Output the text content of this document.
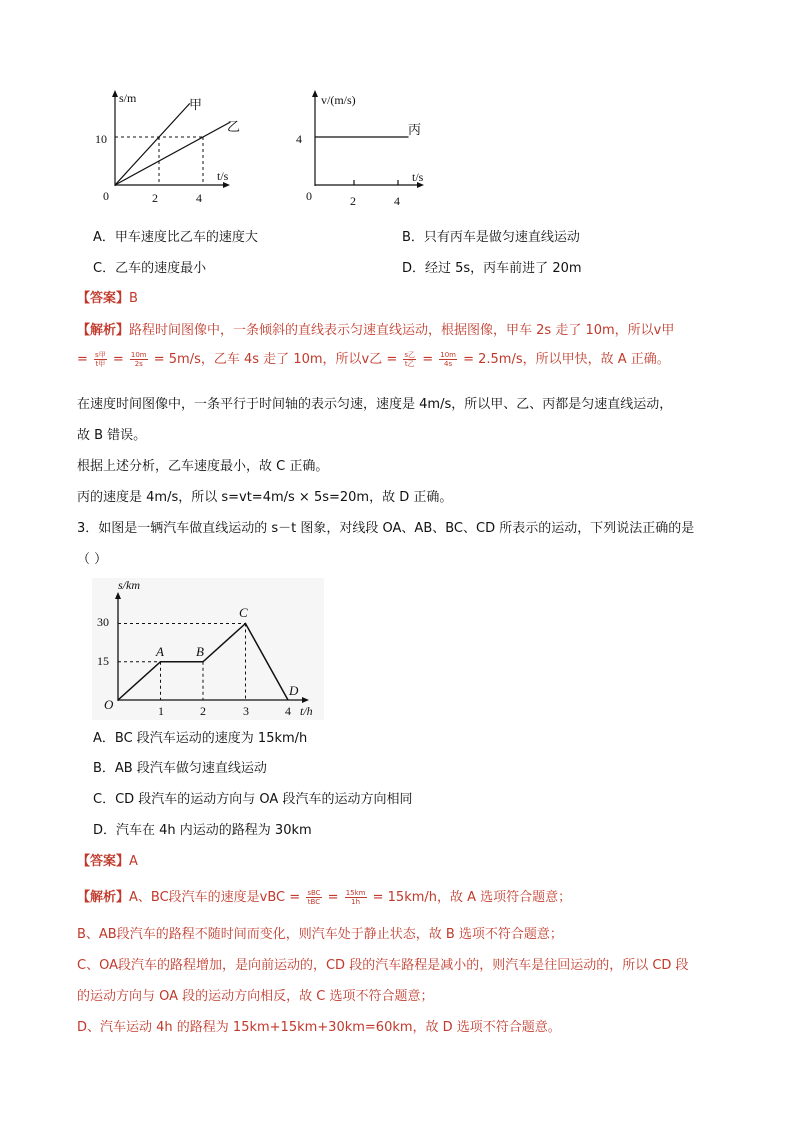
s/m
t/s
0
10
2	4
甲
乙
v/(m/s)
t/s
0
4
2	4
丙
A．甲车速度比乙车的速度大	B．只有丙车是做匀速直线运动
C．乙车的速度最小	D．经过 5s，丙车前进了 20m
【答案】B
【解析】路程时间图像中，一条倾斜的直线表示匀速直线运动，根据图像，甲车 2s 走了 10m，所以v甲
= s甲
t甲 = $\frac{10m}{2s} = 5m/s$，乙车 4s 走了 10m，所以v乙 = s乙
t乙 = $\frac{10m}{4s} = 2.5m/s$，所以甲快，故 A 正确。
在速度时间图像中，一条平行于时间轴的表示匀速，速度是 4m/s，所以甲、乙、丙都是匀速直线运动，
故 B 错误。
根据上述分析，乙车速度最小，故 C 正确。
丙的速度是 4m/s，所以 s=vt=4m/s × 5s=20m，故 D 正确。
3．如图是一辆汽车做直线运动的 s－t 图象，对线段 OA、AB、BC、CD 所表示的运动，下列说法正确的是
（ ）
s/km
t/h
O
15
30
1	2	3	4
A B
C
D
A．BC 段汽车运动的速度为 15km/h
B．AB 段汽车做匀速直线运动
C．CD 段汽车的运动方向与 OA 段汽车的运动方向相同
D．汽车在 4h 内运动的路程为 30km
【答案】A
【解析】A、BC段汽车的速度是vBC = sBC
tBC = $\frac{15km}{1h} = 15km/h$，故 A 选项符合题意；
B、AB段汽车的路程不随时间而变化，则汽车处于静止状态，故 B 选项不符合题意；
C、OA段汽车的路程增加，是向前运动的，CD 段的汽车路程是减小的，则汽车是往回运动的，所以 CD 段
的运动方向与 OA 段的运动方向相反，故 C 选项不符合题意；
D、汽车运动 4h 的路程为 15km+15km+30km=60km，故 D 选项不符合题意。
